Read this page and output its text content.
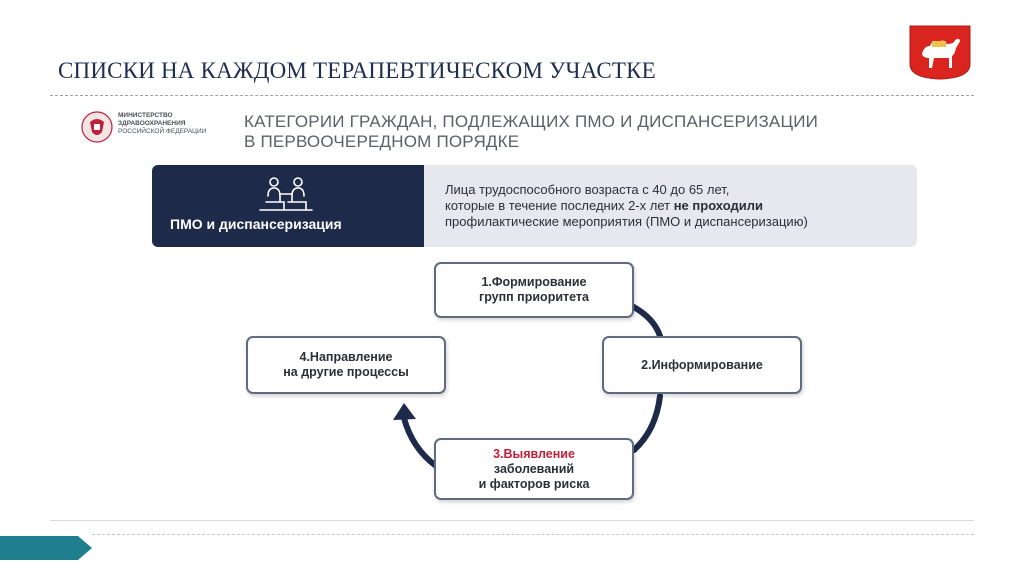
СПИСКИ НА КАЖДОМ ТЕРАПЕВТИЧЕСКОМ УЧАСТКЕ
МИНИСТЕРСТВО
ЗДРАВООХРАНЕНИЯ
РОССИЙСКОЙ ФЕДЕРАЦИИ
КАТЕГОРИИ ГРАЖДАН, ПОДЛЕЖАЩИХ ПМО И ДИСПАНСЕРИЗАЦИИ
В ПЕРВООЧЕРЕДНОМ ПОРЯДКЕ
ПМО и диспансеризация
Лица трудоспособного возраста с 40 до 65 лет,
которые в течение последних 2-х лет не проходили
профилактические мероприятия (ПМО и диспансеризацию)
1.Формирование
групп приоритета
2.Информирование
3.Выявление
заболеваний
и факторов риска
4.Направление
на другие процессы
